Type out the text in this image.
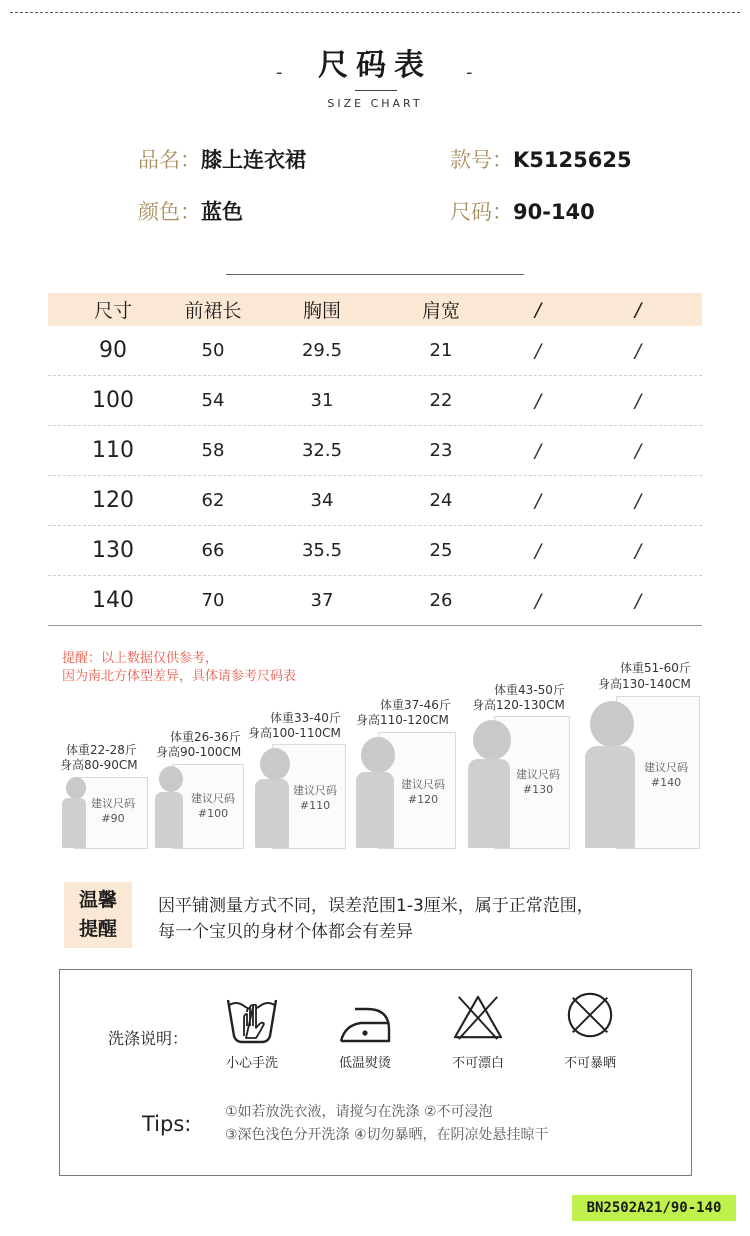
-	尺码表	-
SIZE CHART
品名：膝上连衣裙	款号：K5125625
颜色：蓝色	尺码：90-140
尺寸	前裙长	胸围	肩宽	/	/
90	50	29.5	21	/	/
100	54	31	22	/	/
110	58	32.5	23	/	/
120	62	34	24	/	/
130	66	35.5	25	/	/
140	70	37	26	/	/
提醒：以上数据仅供参考，
因为南北方体型差异，具体请参考尺码表
体重22-28斤
身高80-90CM
建议尺码
#90
体重26-36斤
身高90-100CM
建议尺码
#100
体重33-40斤
身高100-110CM
建议尺码
#110
体重37-46斤
身高110-120CM
建议尺码
#120
体重43-50斤
身高120-130CM
建议尺码
#130
体重51-60斤
身高130-140CM
建议尺码
#140
温馨
提醒
因平铺测量方式不同，误差范围1-3厘米，属于正常范围，
每一个宝贝的身材个体都会有差异
洗涤说明：
小心手洗	低温熨烫	不可漂白	不可暴晒
Tips: ①如若放洗衣液，请搅匀在洗涤 ②不可浸泡
③深色浅色分开洗涤 ④切勿暴晒，在阴凉处悬挂晾干
BN2502A21/90-140
